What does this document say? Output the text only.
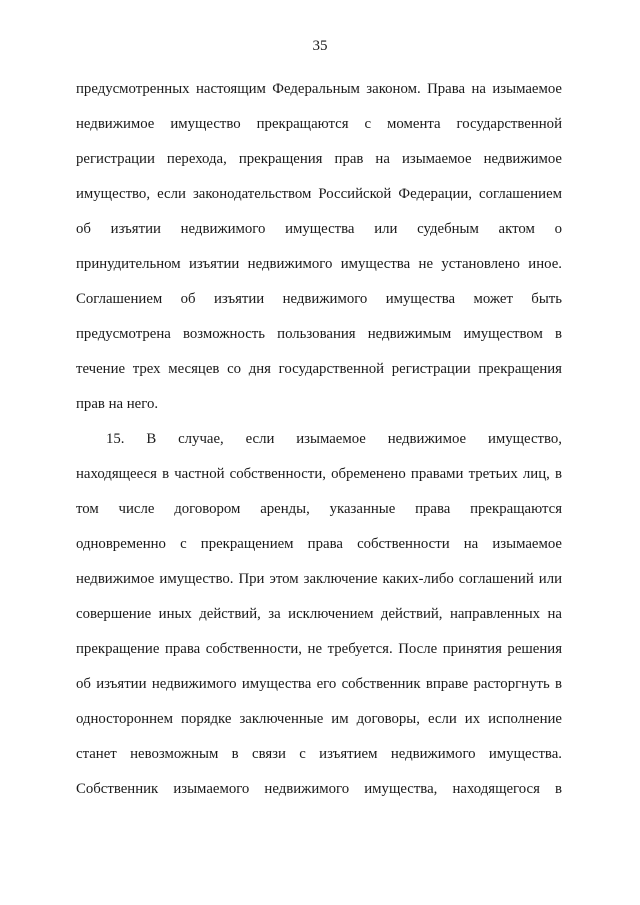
35
предусмотренных настоящим Федеральным законом. Права на изымаемое
недвижимое имущество прекращаются с момента государственной
регистрации перехода, прекращения прав на изымаемое недвижимое
имущество, если законодательством Российской Федерации, соглашением
об изъятии недвижимого имущества или судебным актом о
принудительном изъятии недвижимого имущества не установлено иное.
Соглашением об изъятии недвижимого имущества может быть
предусмотрена возможность пользования недвижимым имуществом в
течение трех месяцев со дня государственной регистрации прекращения
прав на него.
15. В случае, если изымаемое недвижимое имущество,
находящееся в частной собственности, обременено правами третьих лиц, в
том числе договором аренды, указанные права прекращаются
одновременно с прекращением права собственности на изымаемое
недвижимое имущество. При этом заключение каких-либо соглашений или
совершение иных действий, за исключением действий, направленных на
прекращение права собственности, не требуется. После принятия решения
об изъятии недвижимого имущества его собственник вправе расторгнуть в
одностороннем порядке заключенные им договоры, если их исполнение
станет невозможным в связи с изъятием недвижимого имущества.
Собственник изымаемого недвижимого имущества, находящегося в
